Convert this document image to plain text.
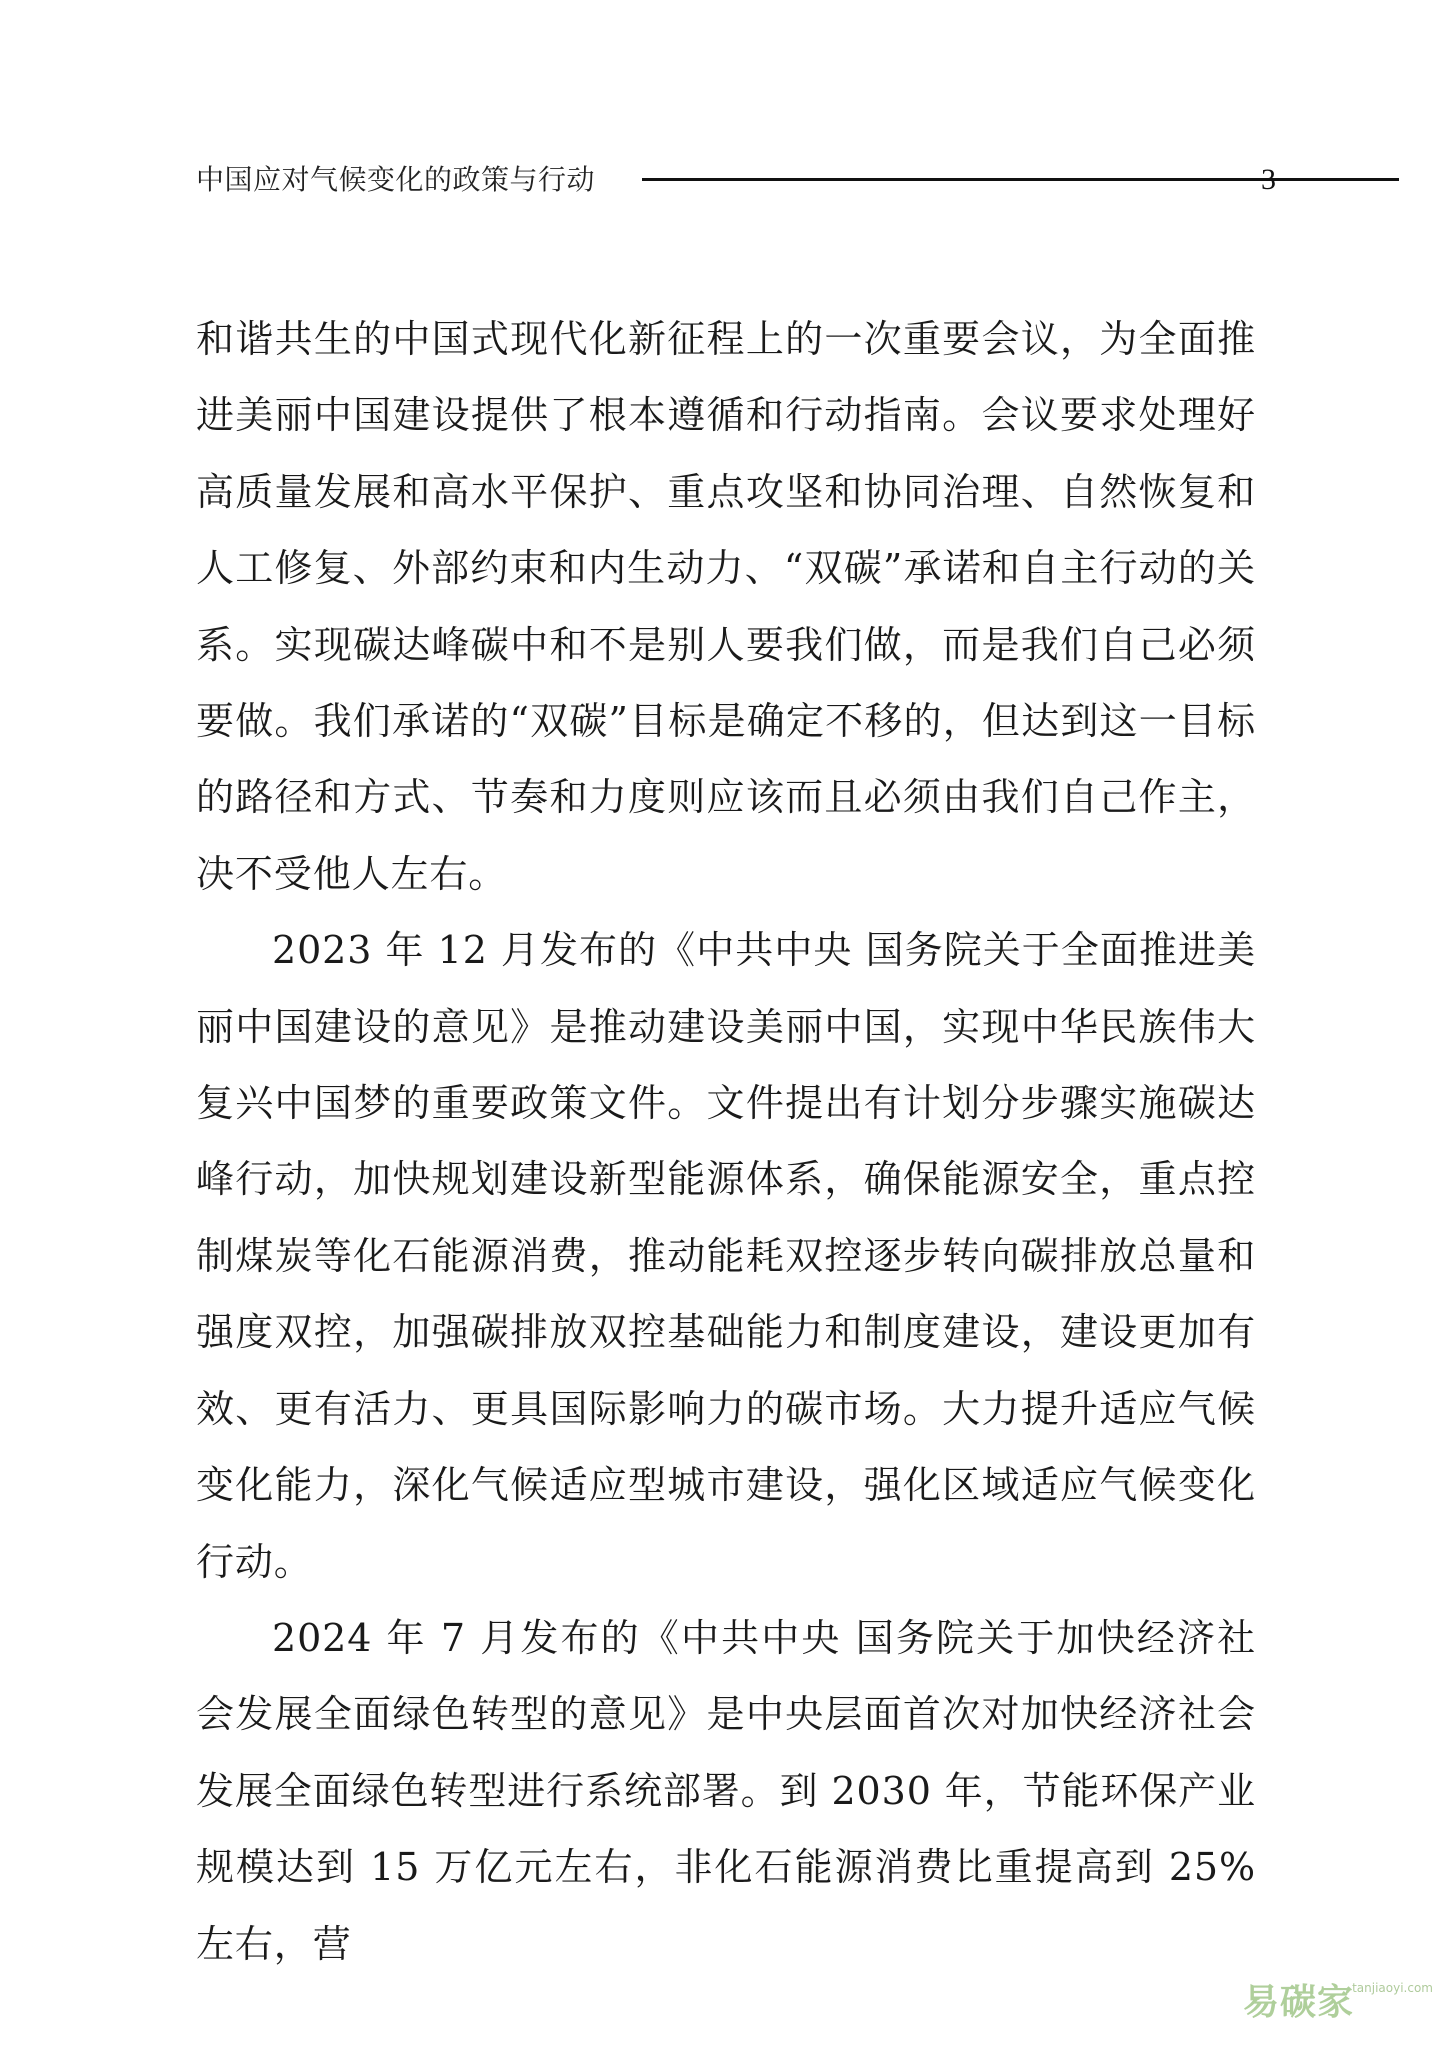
中国应对气候变化的政策与行动	3

和谐共生的中国式现代化新征程上的一次重要会议，为全面推进美丽中国建设提供了根本遵循和行动指南。会议要求处理好高质量发展和高水平保护、重点攻坚和协同治理、自然恢复和人工修复、外部约束和内生动力、“双碳”承诺和自主行动的关系。实现碳达峰碳中和不是别人要我们做，而是我们自己必须要做。我们承诺的“双碳”目标是确定不移的，但达到这一目标的路径和方式、节奏和力度则应该而且必须由我们自己作主，决不受他人左右。

2023 年 12 月发布的《中共中央 国务院关于全面推进美丽中国建设的意见》是推动建设美丽中国，实现中华民族伟大复兴中国梦的重要政策文件。文件提出有计划分步骤实施碳达峰行动，加快规划建设新型能源体系，确保能源安全，重点控制煤炭等化石能源消费，推动能耗双控逐步转向碳排放总量和强度双控，加强碳排放双控基础能力和制度建设，建设更加有效、更有活力、更具国际影响力的碳市场。大力提升适应气候变化能力，深化气候适应型城市建设，强化区域适应气候变化行动。

2024 年 7 月发布的《中共中央 国务院关于加快经济社会发展全面绿色转型的意见》是中央层面首次对加快经济社会发展全面绿色转型进行系统部署。到 2030 年，节能环保产业规模达到 15 万亿元左右，非化石能源消费比重提高到 25%左右，营

易碳家
tanjiaoyi.com
